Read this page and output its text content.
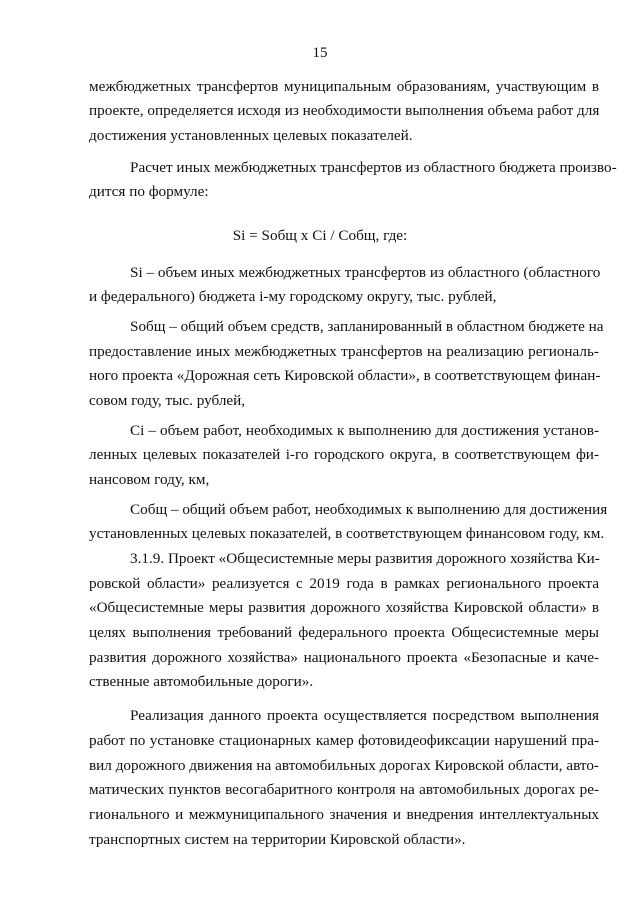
15
межбюджетных трансфертов муниципальным образованиям, участвующим в
проекте, определяется исходя из необходимости выполнения объема работ для
достижения установленных целевых показателей.
Расчет иных межбюджетных трансфертов из областного бюджета произво-
дится по формуле:
Si = Sобщ x Ci / Cобщ, где:
Si – объем иных межбюджетных трансфертов из областного (областного
и федерального) бюджета i-му городскому округу, тыс. рублей,
Sобщ – общий объем средств, запланированный в областном бюджете на
предоставление иных межбюджетных трансфертов на реализацию региональ-
ного проекта «Дорожная сеть Кировской области», в соответствующем финан-
совом году, тыс. рублей,
Ci – объем работ, необходимых к выполнению для достижения установ-
ленных целевых показателей i-го городского округа, в соответствующем фи-
нансовом году, км,
Cобщ – общий объем работ, необходимых к выполнению для достижения
установленных целевых показателей, в соответствующем финансовом году, км.
3.1.9. Проект «Общесистемные меры развития дорожного хозяйства Ки-
ровской области» реализуется с 2019 года в рамках регионального проекта
«Общесистемные меры развития дорожного хозяйства Кировской области» в
целях выполнения требований федерального проекта Общесистемные меры
развития дорожного хозяйства» национального проекта «Безопасные и каче-
ственные автомобильные дороги».
Реализация данного проекта осуществляется посредством выполнения
работ по установке стационарных камер фотовидеофиксации нарушений пра-
вил дорожного движения на автомобильных дорогах Кировской области, авто-
матических пунктов весогабаритного контроля на автомобильных дорогах ре-
гионального и межмуниципального значения и внедрения интеллектуальных
транспортных систем на территории Кировской области».
